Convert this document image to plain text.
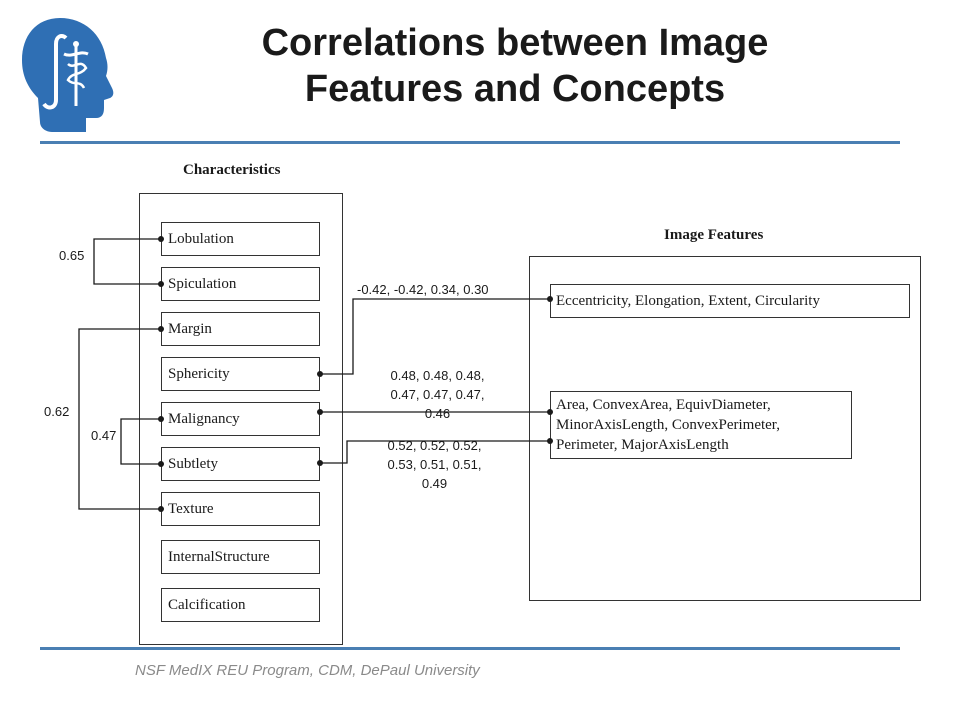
Correlations between Image
Features and Concepts
Characteristics
Image Features
Lobulation
Spiculation
Margin
Sphericity
Malignancy
Subtlety
Texture
InternalStructure
Calcification
Eccentricity, Elongation, Extent, Circularity
Area, ConvexArea, EquivDiameter,
MinorAxisLength, ConvexPerimeter,
Perimeter, MajorAxisLength
0.65
0.62
0.47
-0.42, -0.42, 0.34, 0.30
0.48, 0.48, 0.48,
0.47, 0.47, 0.47,
0.46
0.52, 0.52, 0.52,
0.53, 0.51, 0.51,
0.49
NSF MedIX REU Program, CDM, DePaul University
